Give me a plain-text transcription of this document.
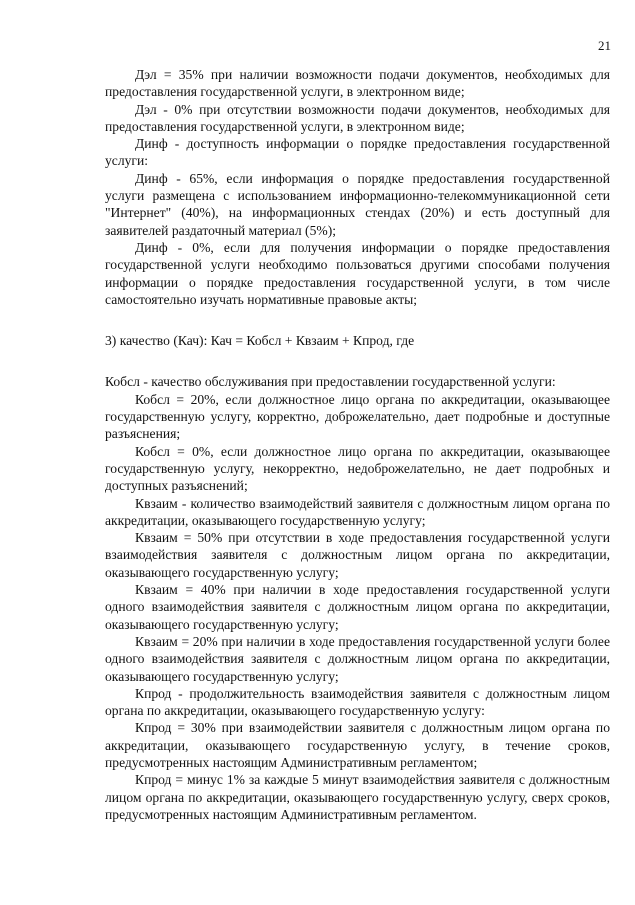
21

Дэл = 35% при наличии возможности подачи документов, необходимых для предоставления государственной услуги, в электронном виде;

Дэл - 0% при отсутствии возможности подачи документов, необходимых для предоставления государственной услуги, в электронном виде;

Динф - доступность информации о порядке предоставления государственной услуги:

Динф - 65%, если информация о порядке предоставления государственной услуги размещена с использованием информационно-телекоммуникационной сети "Интернет" (40%), на информационных стендах (20%) и есть доступный для заявителей раздаточный материал (5%);

Динф - 0%, если для получения информации о порядке предоставления государственной услуги необходимо пользоваться другими способами получения информации о порядке предоставления государственной услуги, в том числе самостоятельно изучать нормативные правовые акты;

3) качество (Кач): Кач = Кобсл + Квзаим + Кпрод, где

Кобсл - качество обслуживания при предоставлении государственной услуги:

Кобсл = 20%, если должностное лицо органа по аккредитации, оказывающее государственную услугу, корректно, доброжелательно, дает подробные и доступные разъяснения;

Кобсл = 0%, если должностное лицо органа по аккредитации, оказывающее государственную услугу, некорректно, недоброжелательно, не дает подробных и доступных разъяснений;

Квзаим - количество взаимодействий заявителя с должностным лицом органа по аккредитации, оказывающего государственную услугу;

Квзаим = 50% при отсутствии в ходе предоставления государственной услуги взаимодействия заявителя с должностным лицом органа по аккредитации, оказывающего государственную услугу;

Квзаим = 40% при наличии в ходе предоставления государственной услуги одного взаимодействия заявителя с должностным лицом органа по аккредитации, оказывающего государственную услугу;

Квзаим = 20% при наличии в ходе предоставления государственной услуги более одного взаимодействия заявителя с должностным лицом органа по аккредитации, оказывающего государственную услугу;

Кпрод - продолжительность взаимодействия заявителя с должностным лицом органа по аккредитации, оказывающего государственную услугу:

Кпрод = 30% при взаимодействии заявителя с должностным лицом органа по аккредитации, оказывающего государственную услугу, в течение сроков, предусмотренных настоящим Административным регламентом;

Кпрод = минус 1% за каждые 5 минут взаимодействия заявителя с должностным лицом органа по аккредитации, оказывающего государственную услугу, сверх сроков, предусмотренных настоящим Административным регламентом.
